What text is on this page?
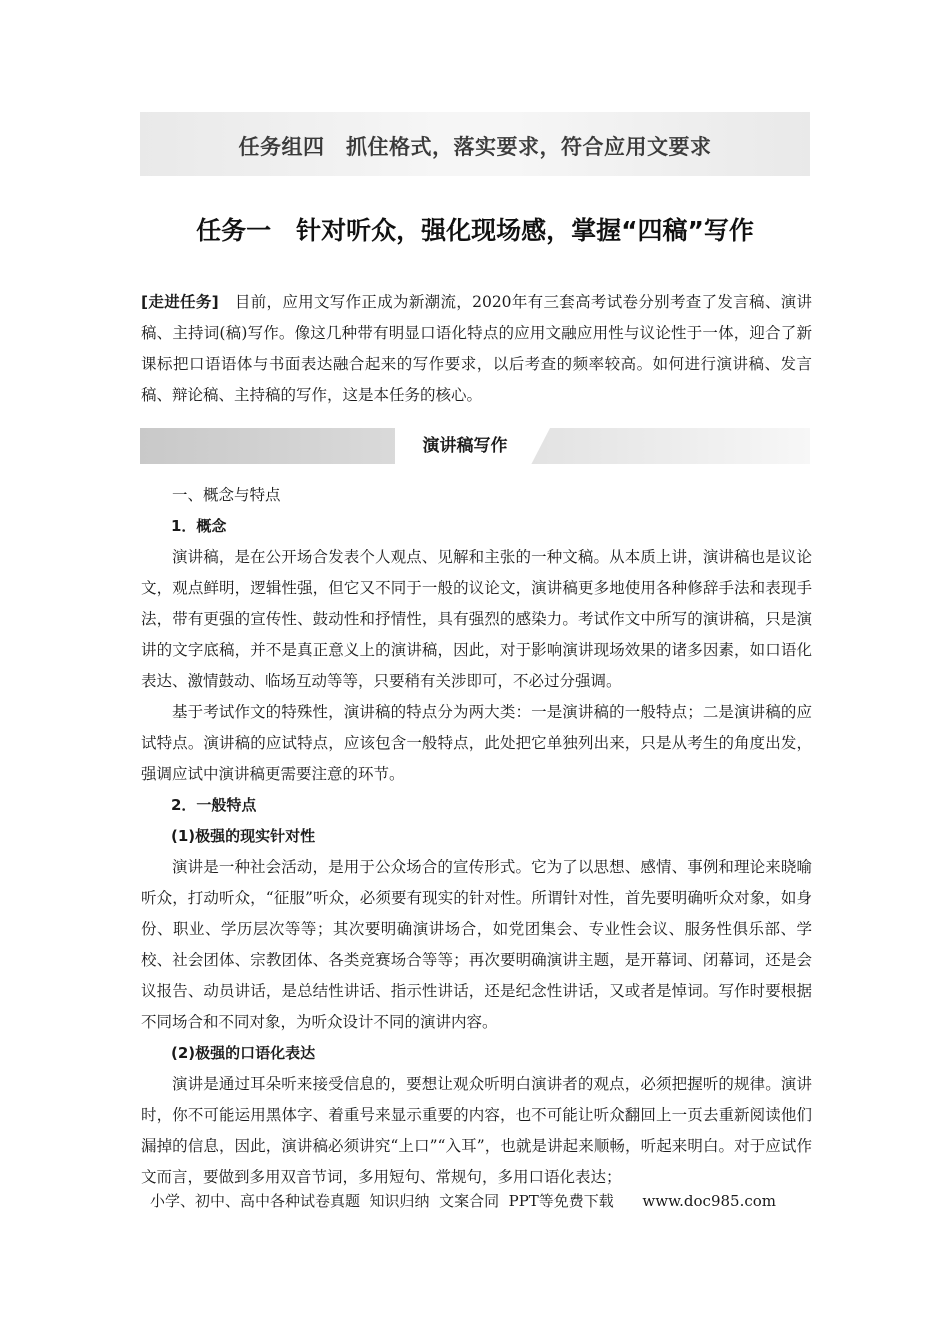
任务组四　抓住格式，落实要求，符合应用文要求
任务一　针对听众，强化现场感，掌握“四稿”写作

[走进任务]　目前，应用文写作正成为新潮流，2020年有三套高考试卷分别考查了发言稿、演讲稿、主持词(稿)写作。像这几种带有明显口语化特点的应用文融应用性与议论性于一体，迎合了新课标把口语语体与书面表达融合起来的写作要求，以后考查的频率较高。如何进行演讲稿、发言稿、辩论稿、主持稿的写作，这是本任务的核心。

演讲稿写作

一、概念与特点

1．概念

演讲稿，是在公开场合发表个人观点、见解和主张的一种文稿。从本质上讲，演讲稿也是议论文，观点鲜明，逻辑性强，但它又不同于一般的议论文，演讲稿更多地使用各种修辞手法和表现手法，带有更强的宣传性、鼓动性和抒情性，具有强烈的感染力。考试作文中所写的演讲稿，只是演讲的文字底稿，并不是真正意义上的演讲稿，因此，对于影响演讲现场效果的诸多因素，如口语化表达、激情鼓动、临场互动等等，只要稍有关涉即可，不必过分强调。

基于考试作文的特殊性，演讲稿的特点分为两大类：一是演讲稿的一般特点；二是演讲稿的应试特点。演讲稿的应试特点，应该包含一般特点，此处把它单独列出来，只是从考生的角度出发，强调应试中演讲稿更需要注意的环节。

2．一般特点

(1)极强的现实针对性

演讲是一种社会活动，是用于公众场合的宣传形式。它为了以思想、感情、事例和理论来晓喻听众，打动听众，“征服”听众，必须要有现实的针对性。所谓针对性，首先要明确听众对象，如身份、职业、学历层次等等；其次要明确演讲场合，如党团集会、专业性会议、服务性俱乐部、学校、社会团体、宗教团体、各类竞赛场合等等；再次要明确演讲主题，是开幕词、闭幕词，还是会议报告、动员讲话，是总结性讲话、指示性讲话，还是纪念性讲话，又或者是悼词。写作时要根据不同场合和不同对象，为听众设计不同的演讲内容。

(2)极强的口语化表达

演讲是通过耳朵听来接受信息的，要想让观众听明白演讲者的观点，必须把握听的规律。演讲时，你不可能运用黑体字、着重号来显示重要的内容，也不可能让听众翻回上一页去重新阅读他们漏掉的信息，因此，演讲稿必须讲究“上口”“入耳”，也就是讲起来顺畅，听起来明白。对于应试作文而言，要做到多用双音节词，多用短句、常规句，多用口语化表达；

小学、初中、高中各种试卷真题  知识归纳  文案合同  PPT等免费下载      www.doc985.com
